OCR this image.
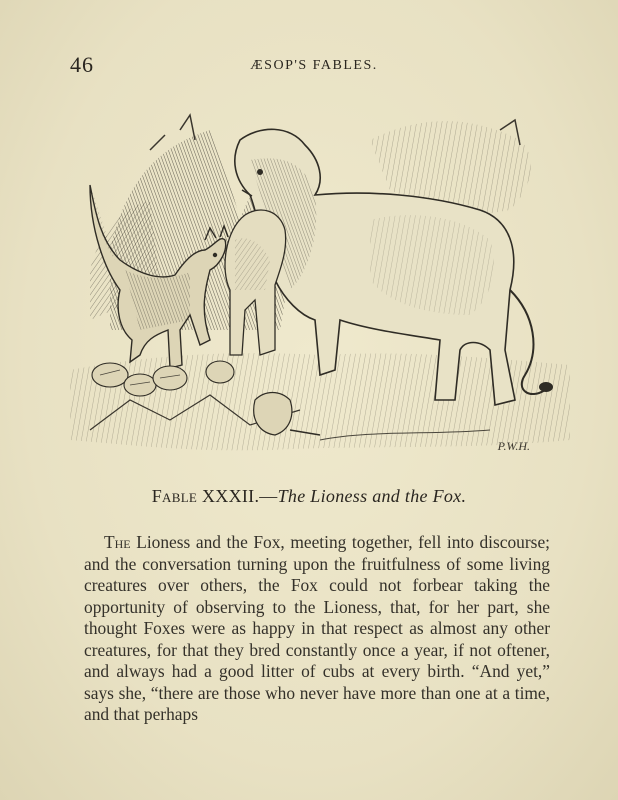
46	ÆSOP'S FABLES.
P.W.H.
Fable XXXII.—The Lioness and the Fox.

The Lioness and the Fox, meeting together, fell into discourse; and the conversation turning upon the fruitfulness of some living creatures over others, the Fox could not forbear taking the opportunity of observing to the Lioness, that, for her part, she thought Foxes were as happy in that respect as almost any other creatures, for that they bred constantly once a year, if not oftener, and always had a good litter of cubs at every birth. “And yet,” says she, “there are those who never have more than one at a time, and that perhaps
